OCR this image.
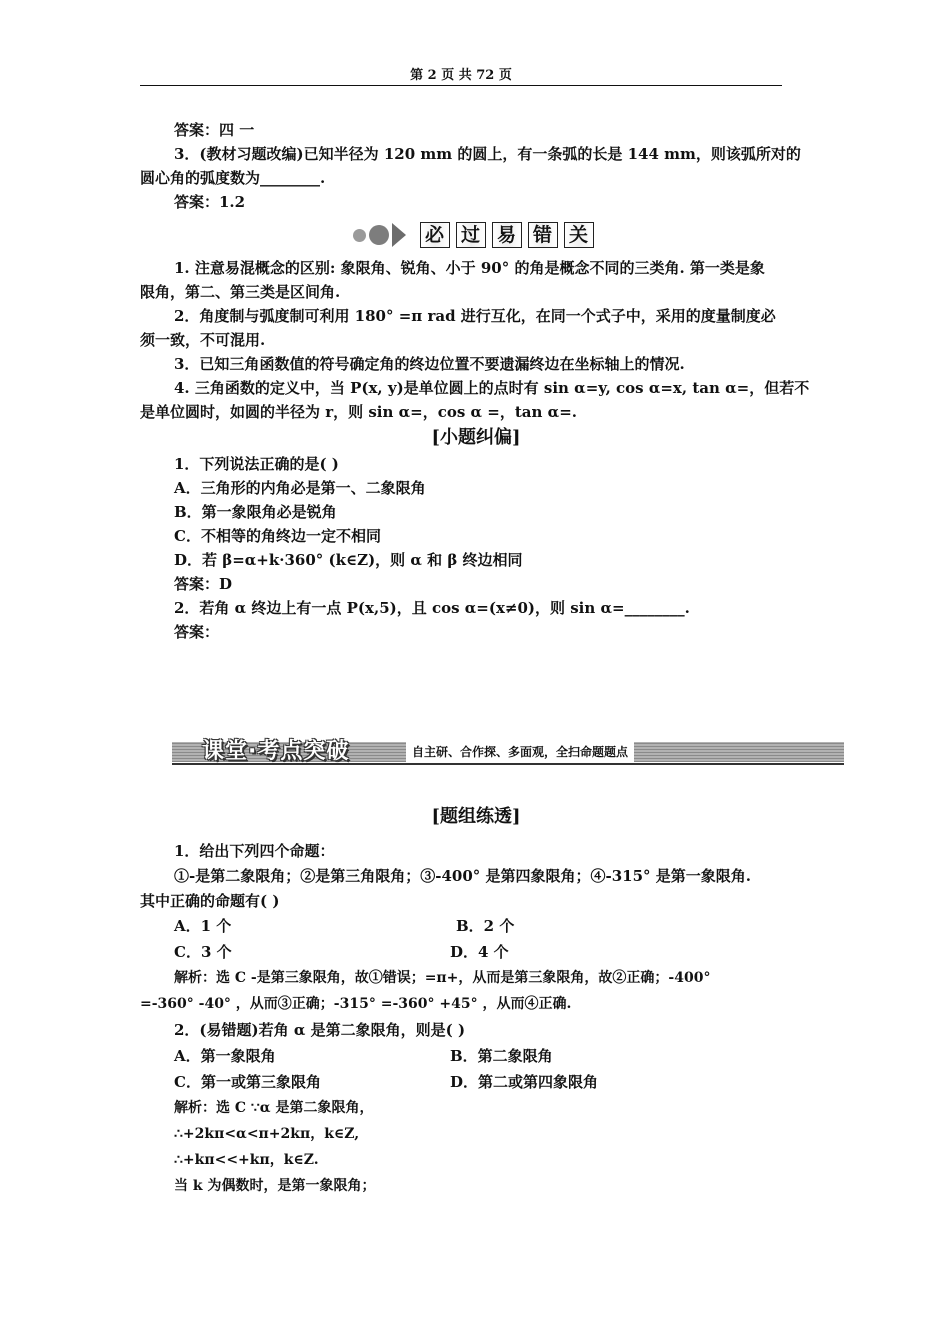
第 2 页 共 72 页

答案：四 一

3．(教材习题改编)已知半径为 120 mm 的圆上，有一条弧的长是 144 mm，则该弧所对的

圆心角的弧度数为________.

答案：1.2

必 过 易 错 关

1. 注意易混概念的区别: 象限角、锐角、小于 90° 的角是概念不同的三类角. 第一类是象

限角，第二、第三类是区间角.

2．角度制与弧度制可利用 180° =π rad 进行互化，在同一个式子中，采用的度量制度必

须一致，不可混用.

3．已知三角函数值的符号确定角的终边位置不要遗漏终边在坐标轴上的情况.

4. 三角函数的定义中，当 P(x, y)是单位圆上的点时有 sin α=y, cos α=x, tan α=，但若不

是单位圆时，如圆的半径为 r，则 sin α=，cos α =，tan α=.

[小题纠偏]

1．下列说法正确的是( )

A．三角形的内角必是第一、二象限角

B．第一象限角必是锐角

C．不相等的角终边一定不相同

D．若 β=α+k·360° (k∈Z)，则 α 和 β 终边相同

答案：D

2．若角 α 终边上有一点 P(x,5)，且 cos α=(x≠0)，则 sin α=________.

答案：

课堂·考点突破	自主研、合作探、多面观，全扫命题题点
[题组练透]

1．给出下列四个命题：

①-是第二象限角；②是第三角限角；③-400° 是第四象限角；④-315° 是第一象限角.

其中正确的命题有( )

A．1 个	B．2 个

C．3 个	D．4 个

解析：选 C -是第三象限角，故①错误；=π+，从而是第三象限角，故②正确；-400°

=-360° -40° ，从而③正确；-315° =-360° +45° ，从而④正确.

2．(易错题)若角 α 是第二象限角，则是( )

A．第一象限角	B．第二象限角

C．第一或第三象限角	D．第二或第四象限角

解析：选 C ∵α 是第二象限角，

∴+2kπ<α<π+2kπ，k∈Z,

∴+kπ<<+kπ，k∈Z.

当 k 为偶数时，是第一象限角；
